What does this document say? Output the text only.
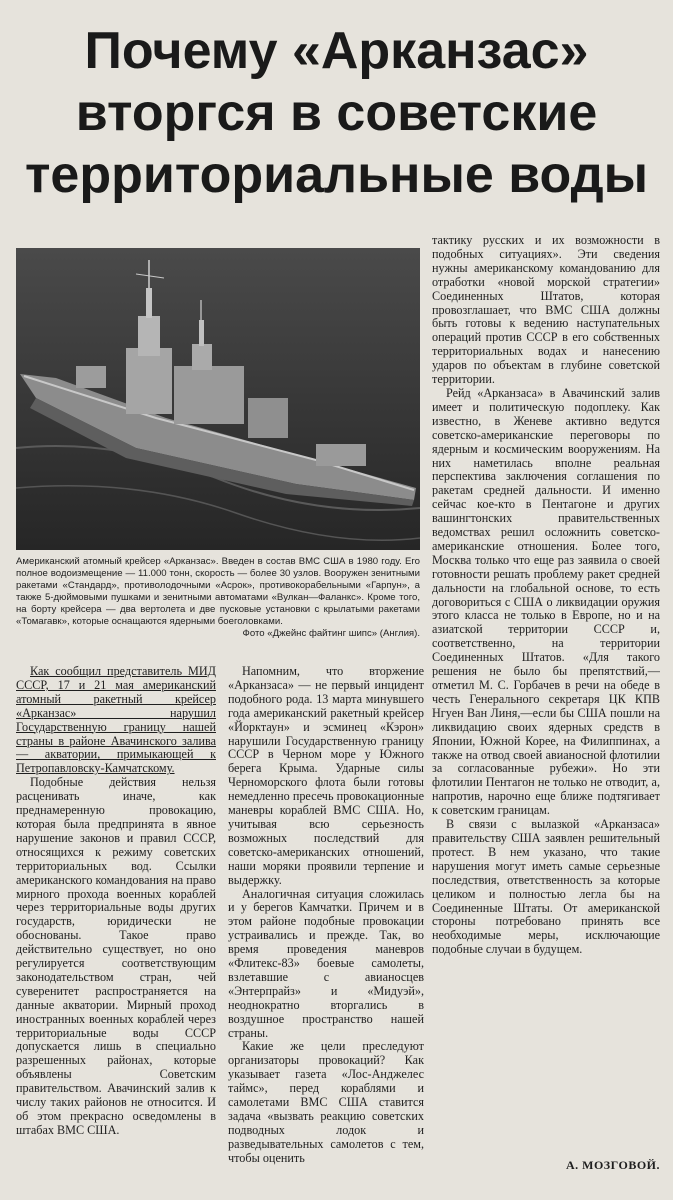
Почему «Арканзас»
вторгся в советские
территориальные воды
Американский атомный крейсер «Арканзас». Введен в состав ВМС США в 1980 году. Его полное водоизмещение — 11.000 тонн, скорость — более 30 узлов. Вооружен зенитными ракетами «Стандард», противолодочными «Асрок», противокорабельными «Гарпун», а также 5-дюймовыми пушками и зенитными автоматами «Вулкан—Фаланкс». Кроме того, на борту крейсера — два вертолета и две пусковые установки с крылатыми ракетами «Томагавк», которые оснащаются ядерными боеголовками.
Фото «Джейнс файтинг шипс» (Англия).

Как сообщил представитель МИД СССР, 17 и 21 мая американский атомный ракетный крейсер «Арканзас» нарушил Государственную границу нашей страны в районе Авачинского залива — акватории, примыкающей к Петропавловску-Камчатскому.

Подобные действия нельзя расценивать иначе, как преднамеренную провокацию, которая была предпринята в явное нарушение законов и правил СССР, относящихся к режиму советских территориальных вод. Ссылки американского командования на право мирного прохода военных кораблей через территориальные воды других государств, юридически не обоснованы. Такое право действительно существует, но оно регулируется соответствующим законодательством стран, чей суверенитет распространяется на данные акватории. Мирный проход иностранных военных кораблей через территориальные воды СССР допускается лишь в специально разрешенных районах, которые объявлены Советским правительством. Авачинский залив к числу таких районов не относится. И об этом прекрасно осведомлены в штабах ВМС США.

Напомним, что вторжение «Арканзаса» — не первый инцидент подобного рода. 13 марта минувшего года американский ракетный крейсер «Йорктаун» и эсминец «Кэрон» нарушили Государственную границу СССР в Черном море у Южного берега Крыма. Ударные силы Черноморского флота были готовы немедленно пресечь провокационные маневры кораблей ВМС США. Но, учитывая всю серьезность возможных последствий для советско-американских отношений, наши моряки проявили терпение и выдержку.

Аналогичная ситуация сложилась и у берегов Камчатки. Причем и в этом районе подобные провокации устраивались и прежде. Так, во время проведения маневров «Флитекс-83» боевые самолеты, взлетавшие с авианосцев «Энтерпрайз» и «Мидуэй», неоднократно вторгались в воздушное пространство нашей страны.

Какие же цели преследуют организаторы провокаций? Как указывает газета «Лос-Анджелес таймс», перед кораблями и самолетами ВМС США ставится задача «вызвать реакцию советских подводных лодок и разведывательных самолетов с тем, чтобы оценить

тактику русских и их возможности в подобных ситуациях». Эти сведения нужны американскому командованию для отработки «новой морской стратегии» Соединенных Штатов, которая провозглашает, что ВМС США должны быть готовы к ведению наступательных операций против СССР в его собственных территориальных водах и нанесению ударов по объектам в глубине советской территории.

Рейд «Арканзаса» в Авачинский залив имеет и политическую подоплеку. Как известно, в Женеве активно ведутся советско-американские переговоры по ядерным и космическим вооружениям. На них наметилась вполне реальная перспектива заключения соглашения по ракетам средней дальности. И именно сейчас кое-кто в Пентагоне и других вашингтонских правительственных ведомствах решил осложнить советско-американские отношения. Более того, Москва только что еще раз заявила о своей готовности решать проблему ракет средней дальности на глобальной основе, то есть договориться с США о ликвидации оружия этого класса не только в Европе, но и на азиатской территории СССР и, соответственно, на территории Соединенных Штатов. «Для такого решения не было бы препятствий,— отметил М. С. Горбачев в речи на обеде в честь Генерального секретаря ЦК КПВ Нгуен Ван Линя,—если бы США пошли на ликвидацию своих ядерных средств в Японии, Южной Корее, на Филиппинах, а также на отвод своей авианосной флотилии за согласованные рубежи». Но эти флотилии Пентагон не только не отводит, а, напротив, нарочно еще ближе подтягивает к советским границам.

В связи с вылазкой «Арканзаса» правительству США заявлен решительный протест. В нем указано, что такие нарушения могут иметь самые серьезные последствия, ответственность за которые целиком и полностью легла бы на Соединенные Штаты. От американской стороны потребовано принять все необходимые меры, исключающие подобные случаи в будущем.

А. МОЗГОВОЙ.
